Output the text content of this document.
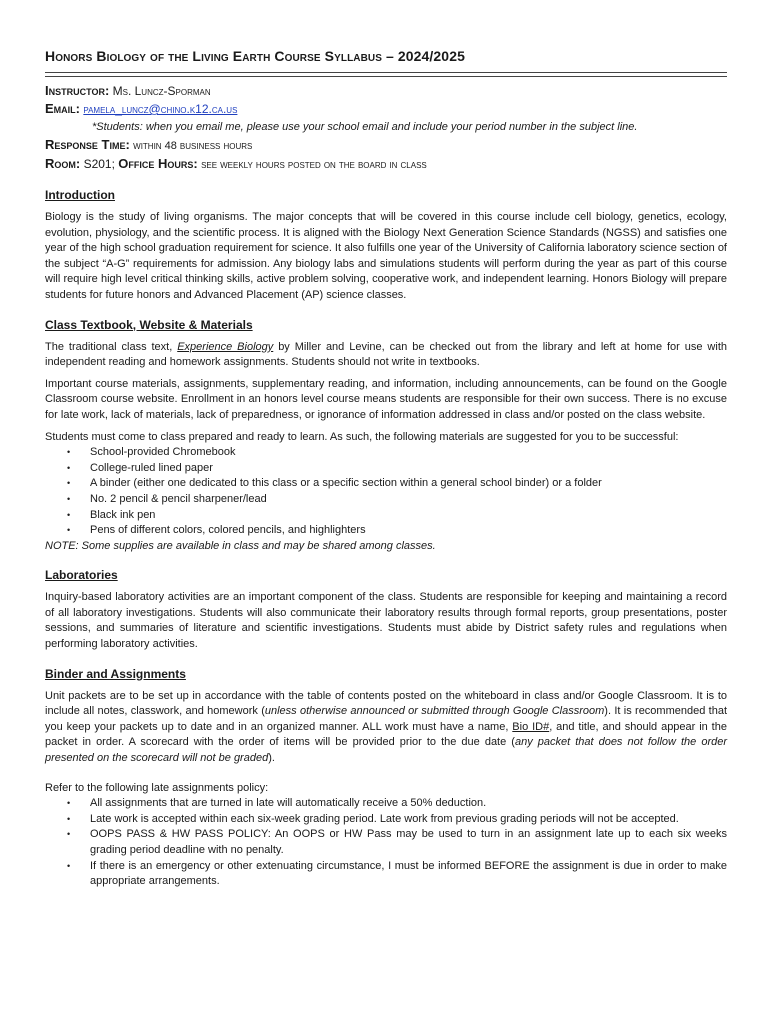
Honors Biology of the Living Earth Course Syllabus – 2024/2025
Instructor: Ms. Luncz-Sporman
Email: pamela_luncz@chino.k12.ca.us
*Students: when you email me, please use your school email and include your period number in the subject line.
Response Time: within 48 business hours
Room: S201; Office Hours: see weekly hours posted on the board in class
Introduction

Biology is the study of living organisms. The major concepts that will be covered in this course include cell biology, genetics, ecology, evolution, physiology, and the scientific process. It is aligned with the Biology Next Generation Science Standards (NGSS) and satisfies one year of the high school graduation requirement for science. It also fulfills one year of the University of California laboratory science section of the subject “A-G” requirements for admission. Any biology labs and simulations students will perform during the year as part of this course will require high level critical thinking skills, active problem solving, cooperative work, and independent learning. Honors Biology will prepare students for future honors and Advanced Placement (AP) science classes.

Class Textbook, Website & Materials

The traditional class text, Experience Biology by Miller and Levine, can be checked out from the library and left at home for use with independent reading and homework assignments. Students should not write in textbooks.

Important course materials, assignments, supplementary reading, and information, including announcements, can be found on the Google Classroom course website. Enrollment in an honors level course means students are responsible for their own success. There is no excuse for late work, lack of materials, lack of preparedness, or ignorance of information addressed in class and/or posted on the class website.

Students must come to class prepared and ready to learn. As such, the following materials are suggested for you to be successful:

• School-provided Chromebook
• College-ruled lined paper
• A binder (either one dedicated to this class or a specific section within a general school binder) or a folder
• No. 2 pencil & pencil sharpener/lead
• Black ink pen
• Pens of different colors, colored pencils, and highlighters

NOTE: Some supplies are available in class and may be shared among classes.

Laboratories

Inquiry-based laboratory activities are an important component of the class. Students are responsible for keeping and maintaining a record of all laboratory investigations. Students will also communicate their laboratory results through formal reports, group presentations, poster sessions, and summaries of literature and scientific investigations. Students must abide by District safety rules and regulations when performing laboratory activities.

Binder and Assignments

Unit packets are to be set up in accordance with the table of contents posted on the whiteboard in class and/or Google Classroom. It is to include all notes, classwork, and homework (unless otherwise announced or submitted through Google Classroom). It is recommended that you keep your packets up to date and in an organized manner. ALL work must have a name, Bio ID#, and title, and should appear in the packet in order. A scorecard with the order of items will be provided prior to the due date (any packet that does not follow the order presented on the scorecard will not be graded).

Refer to the following late assignments policy:

• All assignments that are turned in late will automatically receive a 50% deduction.
• Late work is accepted within each six-week grading period. Late work from previous grading periods will not be accepted.
• OOPS PASS & HW PASS POLICY: An OOPS or HW Pass may be used to turn in an assignment late up to each six weeks grading period deadline with no penalty.
• If there is an emergency or other extenuating circumstance, I must be informed BEFORE the assignment is due in order to make appropriate arrangements.
